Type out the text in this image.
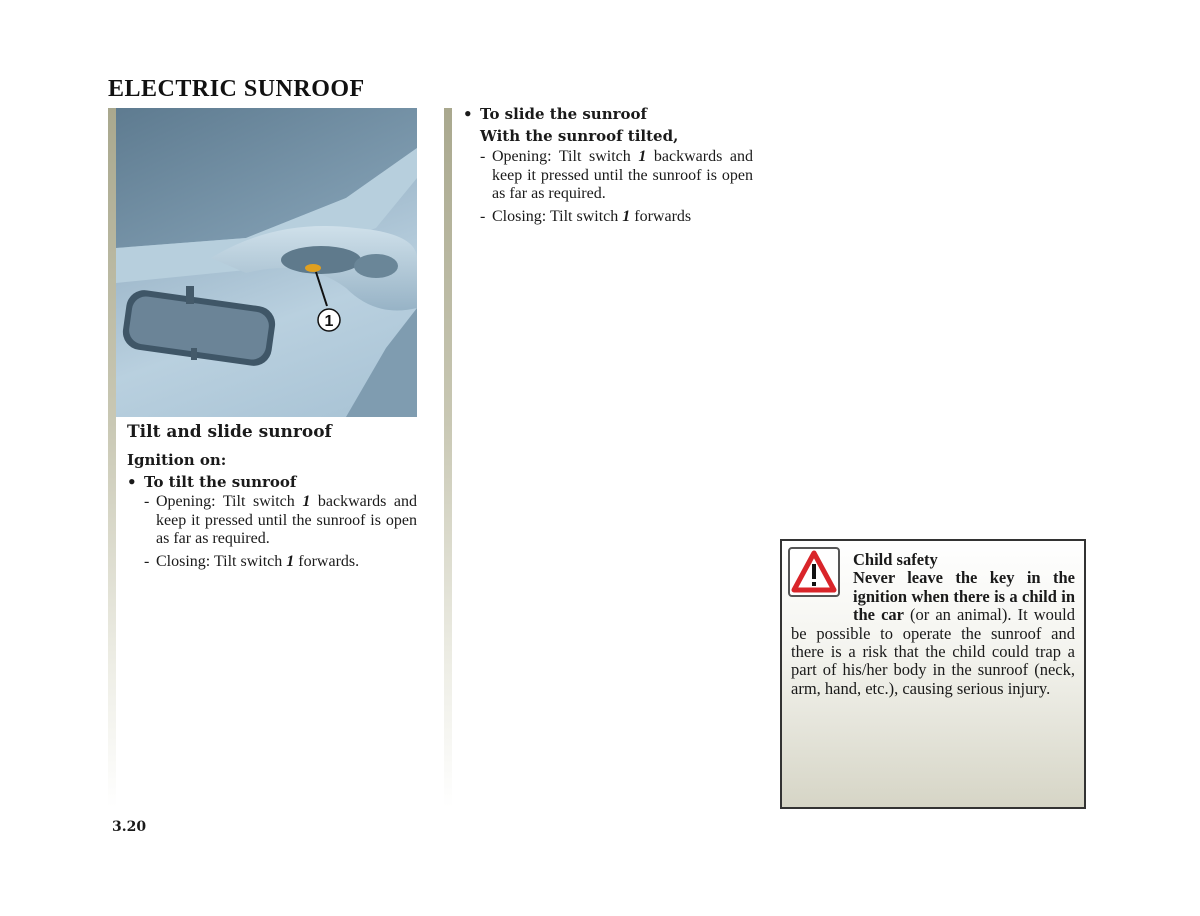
ELECTRIC SUNROOF
1
Tilt and slide sunroof
Ignition on:
• To tilt the sunroof
- Opening: Tilt switch 1 backwards and keep it pressed until the sunroof is open as far as required.
- Closing: Tilt switch 1 forwards.
• To slide the sunroof
With the sunroof tilted,
- Opening: Tilt switch 1 backwards and keep it pressed until the sunroof is open as far as required.
- Closing: Tilt switch 1 forwards
Child safety
Never leave the key in the ignition when there is a child in the car (or an animal). It would be possible to operate the sunroof and there is a risk that the child could trap a part of his/her body in the sunroof (neck, arm, hand, etc.), causing serious injury.
3.20
